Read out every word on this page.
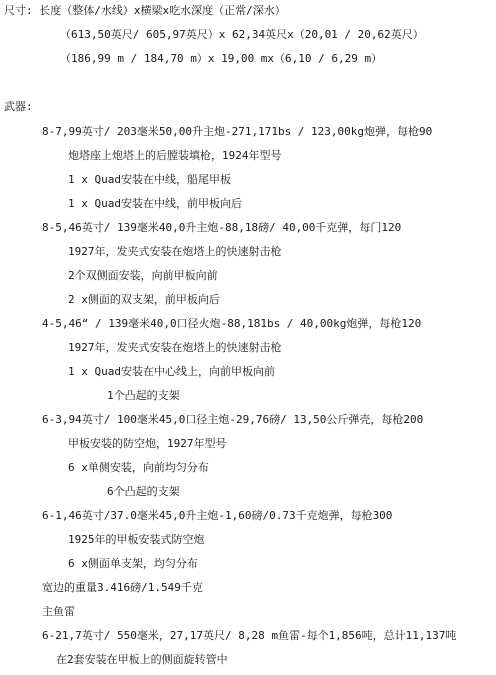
尺寸: 长度（整体/水线）x横梁x吃水深度（正常/深水）
（613,50英尺/ 605,97英尺）x 62,34英尺x（20,01 / 20,62英尺）
（186,99 m / 184,70 m）x 19,00 mx（6,10 / 6,29 m）
武器:
8-7,99英寸/ 203毫米50,00升主炮-271,171bs / 123,00kg炮弹，每枪90
炮塔座上炮塔上的后膛装填枪，1924年型号
1 x Quad安装在中线，船尾甲板
1 x Quad安装在中线，前甲板向后
8-5,46英寸/ 139毫米40,0升主炮-88,18磅/ 40,00千克弹，每门120
1927年，发夹式安装在炮塔上的快速射击枪
2个双侧面安装，向前甲板向前
2 x侧面的双支架，前甲板向后
4-5,46“ / 139毫米40,0口径火炮-88,181bs / 40,00kg炮弹，每枪120
1927年，发夹式安装在炮塔上的快速射击枪
1 x Quad安装在中心线上，向前甲板向前
1个凸起的支架
6-3,94英寸/ 100毫米45,0口径主炮-29,76磅/ 13,50公斤弹壳，每枪200
甲板安装的防空炮，1927年型号
6 x单侧安装，向前均匀分布
6个凸起的支架
6-1,46英寸/37.0毫米45,0升主炮-1,60磅/0.73千克炮弹，每枪300
1925年的甲板安装式防空炮
6 x侧面单支架，均匀分布
宽边的重量3.416磅/1.549千克
主鱼雷
6-21,7英寸/ 550毫米，27,17英尺/ 8,28 m鱼雷-每个1,856吨，总计11,137吨
在2套安装在甲板上的侧面旋转管中
